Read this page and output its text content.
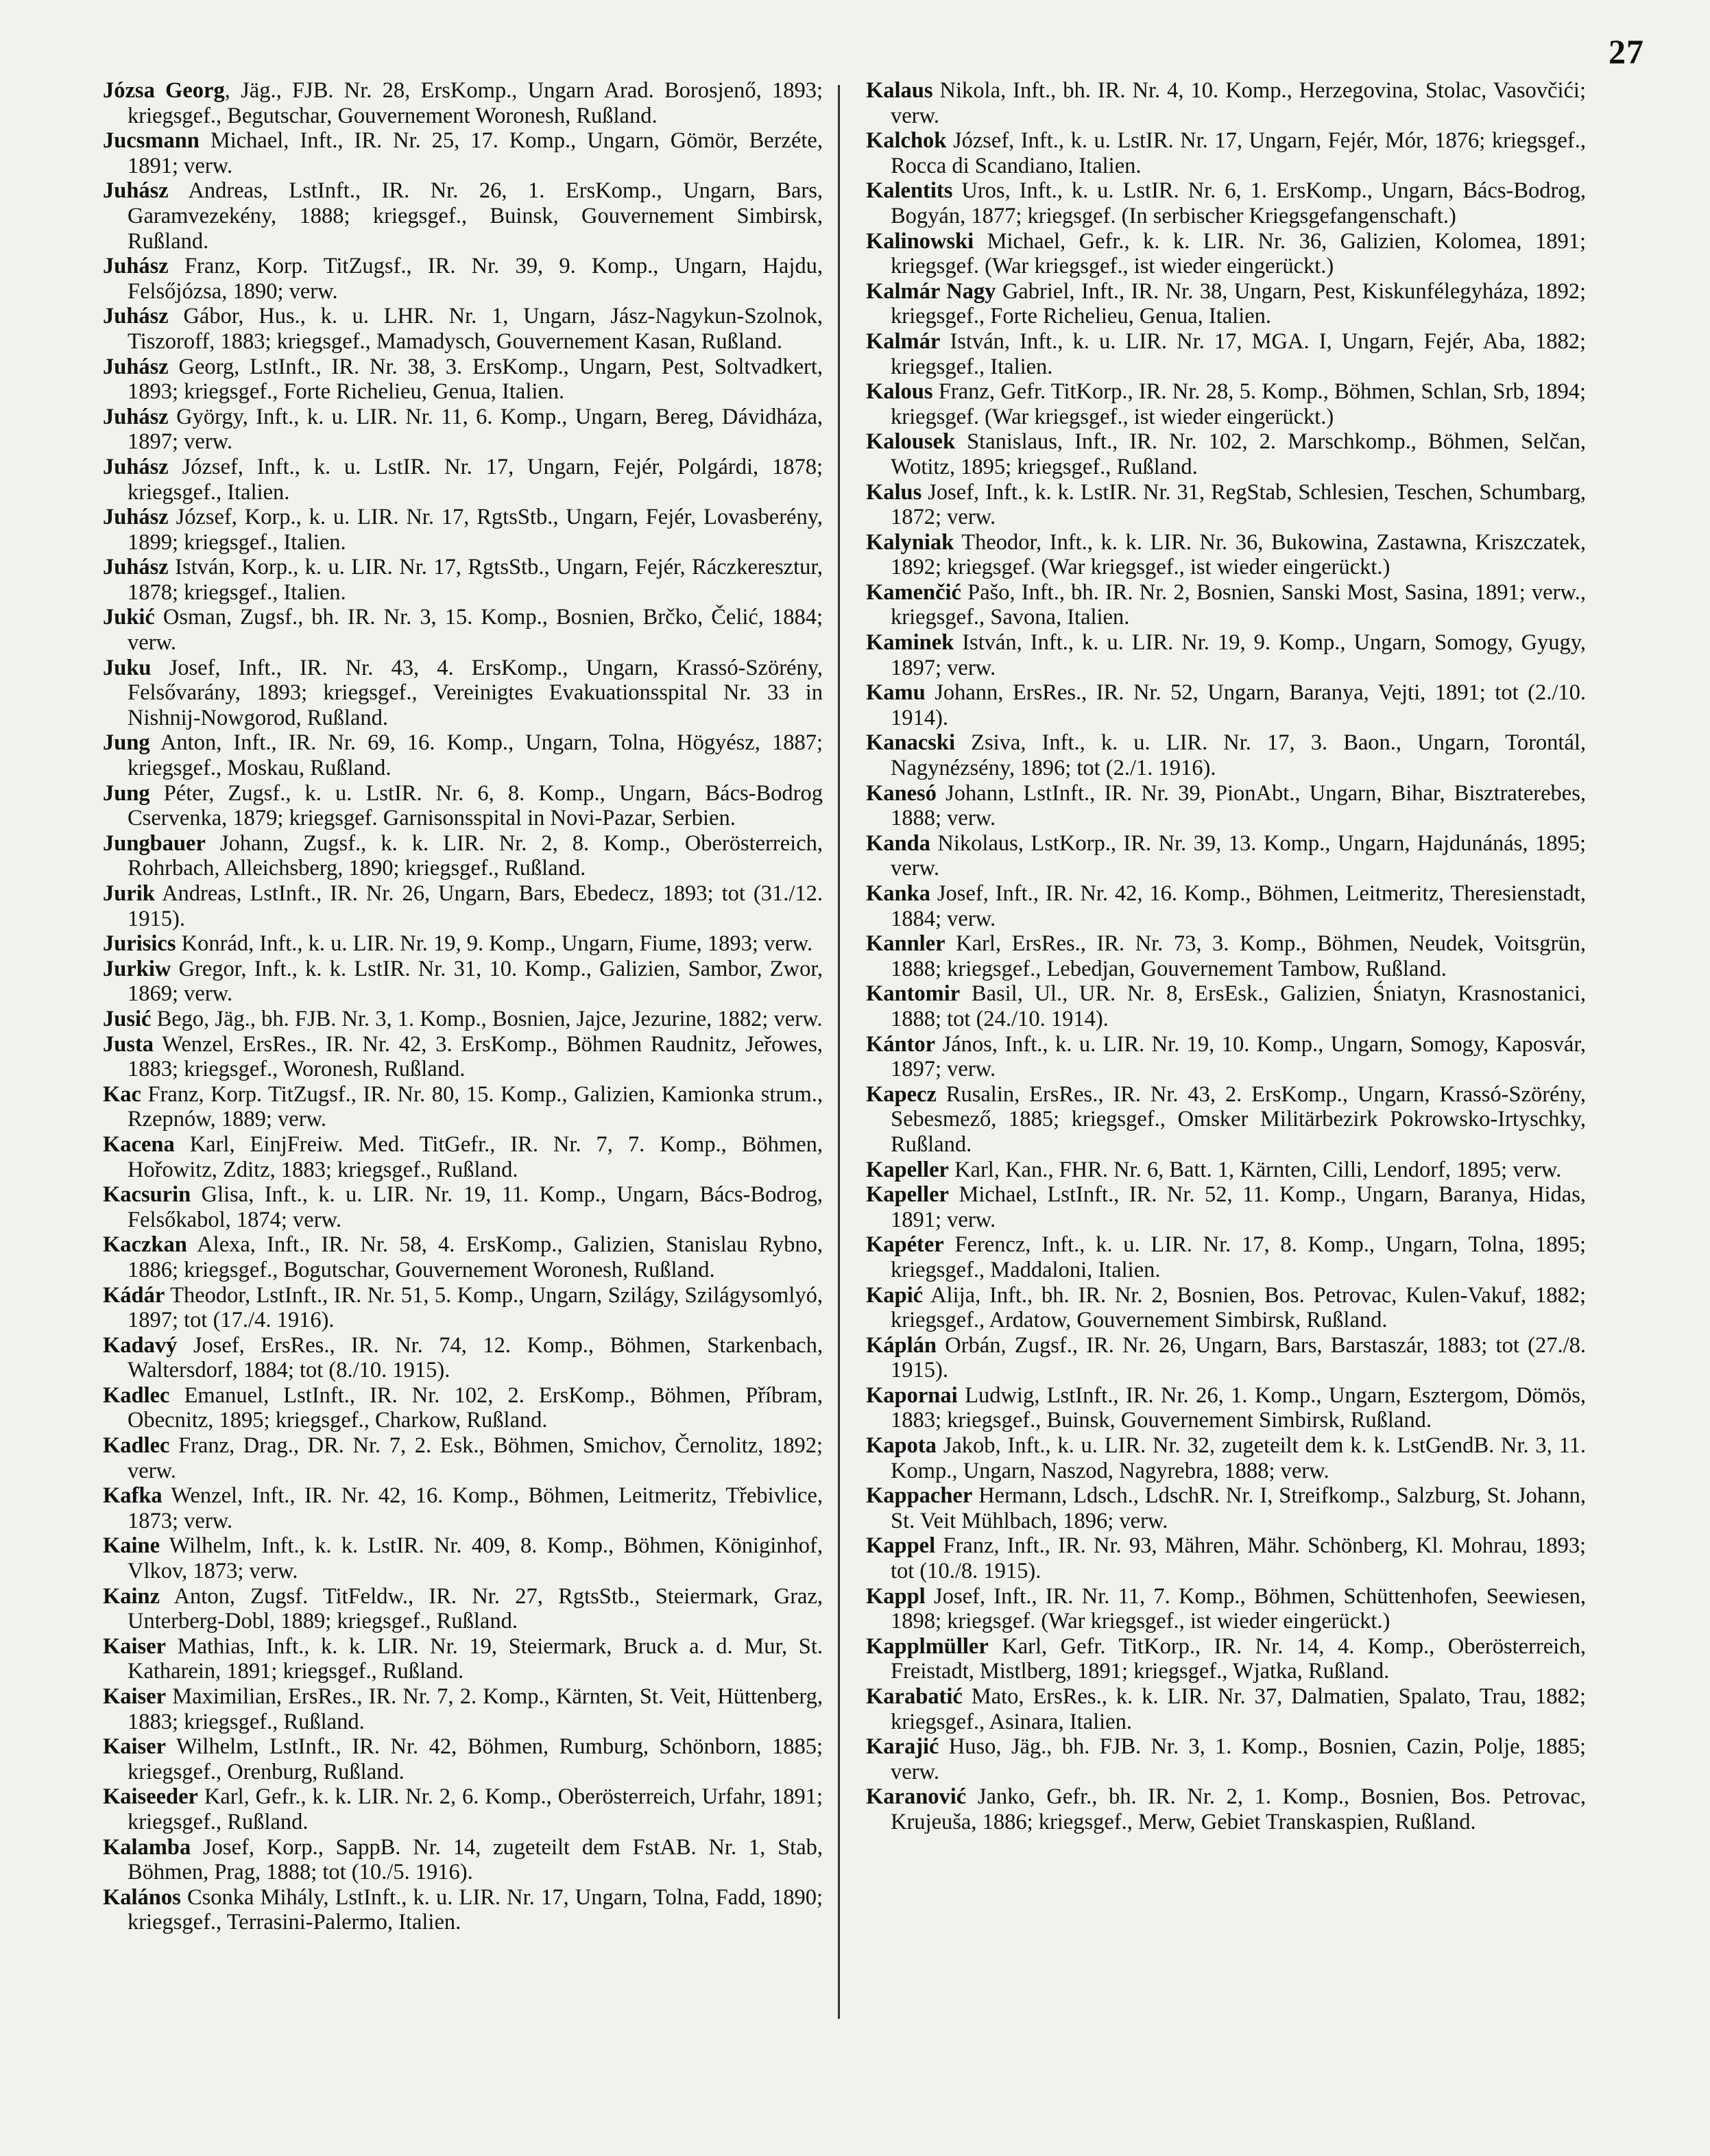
27
Józsa Georg, Jäg., FJB. Nr. 28, ErsKomp., Ungarn Arad. Borosjenő, 1893; kriegsgef., Begutschar, Gouvernement Woronesh, Rußland.
Jucsmann Michael, Inft., IR. Nr. 25, 17. Komp., Ungarn, Gömör, Berzéte, 1891; verw.
Juhász Andreas, LstInft., IR. Nr. 26, 1. ErsKomp., Ungarn, Bars, Garamvezekény, 1888; kriegsgef., Buinsk, Gouvernement Simbirsk, Rußland.
Juhász Franz, Korp. TitZugsf., IR. Nr. 39, 9. Komp., Ungarn, Hajdu, Felsőjózsa, 1890; verw.
Juhász Gábor, Hus., k. u. LHR. Nr. 1, Ungarn, Jász-Nagykun-Szolnok, Tiszoroff, 1883; kriegsgef., Mamadysch, Gouvernement Kasan, Rußland.
Juhász Georg, LstInft., IR. Nr. 38, 3. ErsKomp., Ungarn, Pest, Soltvadkert, 1893; kriegsgef., Forte Richelieu, Genua, Italien.
Juhász György, Inft., k. u. LIR. Nr. 11, 6. Komp., Ungarn, Bereg, Dávidháza, 1897; verw.
Juhász József, Inft., k. u. LstIR. Nr. 17, Ungarn, Fejér, Polgárdi, 1878; kriegsgef., Italien.
Juhász József, Korp., k. u. LIR. Nr. 17, RgtsStb., Ungarn, Fejér, Lovasberény, 1899; kriegsgef., Italien.
Juhász István, Korp., k. u. LIR. Nr. 17, RgtsStb., Ungarn, Fejér, Ráczkeresztur, 1878; kriegsgef., Italien.
Jukić Osman, Zugsf., bh. IR. Nr. 3, 15. Komp., Bosnien, Brčko, Čelić, 1884; verw.
Juku Josef, Inft., IR. Nr. 43, 4. ErsKomp., Ungarn, Krassó-Szörény, Felsővarány, 1893; kriegsgef., Vereinigtes Evakuationsspital Nr. 33 in Nishnij-Nowgorod, Rußland.
Jung Anton, Inft., IR. Nr. 69, 16. Komp., Ungarn, Tolna, Högyész, 1887; kriegsgef., Moskau, Rußland.
Jung Péter, Zugsf., k. u. LstIR. Nr. 6, 8. Komp., Ungarn, Bács-Bodrog Cservenka, 1879; kriegsgef. Garnisonsspital in Novi-Pazar, Serbien.
Jungbauer Johann, Zugsf., k. k. LIR. Nr. 2, 8. Komp., Oberösterreich, Rohrbach, Alleichsberg, 1890; kriegsgef., Rußland.
Jurik Andreas, LstInft., IR. Nr. 26, Ungarn, Bars, Ebedecz, 1893; tot (31./12. 1915).
Jurisics Konrád, Inft., k. u. LIR. Nr. 19, 9. Komp., Ungarn, Fiume, 1893; verw.
Jurkiw Gregor, Inft., k. k. LstIR. Nr. 31, 10. Komp., Galizien, Sambor, Zwor, 1869; verw.
Jusić Bego, Jäg., bh. FJB. Nr. 3, 1. Komp., Bosnien, Jajce, Jezurine, 1882; verw.
Justa Wenzel, ErsRes., IR. Nr. 42, 3. ErsKomp., Böhmen Raudnitz, Jeřowes, 1883; kriegsgef., Woronesh, Rußland.
Kac Franz, Korp. TitZugsf., IR. Nr. 80, 15. Komp., Galizien, Kamionka strum., Rzepnów, 1889; verw.
Kacena Karl, EinjFreiw. Med. TitGefr., IR. Nr. 7, 7. Komp., Böhmen, Hořowitz, Zditz, 1883; kriegsgef., Rußland.
Kacsurin Glisa, Inft., k. u. LIR. Nr. 19, 11. Komp., Ungarn, Bács-Bodrog, Felsőkabol, 1874; verw.
Kaczkan Alexa, Inft., IR. Nr. 58, 4. ErsKomp., Galizien, Stanislau Rybno, 1886; kriegsgef., Bogutschar, Gouvernement Woronesh, Rußland.
Kádár Theodor, LstInft., IR. Nr. 51, 5. Komp., Ungarn, Szilágy, Szilágysomlyó, 1897; tot (17./4. 1916).
Kadavý Josef, ErsRes., IR. Nr. 74, 12. Komp., Böhmen, Starkenbach, Waltersdorf, 1884; tot (8./10. 1915).
Kadlec Emanuel, LstInft., IR. Nr. 102, 2. ErsKomp., Böhmen, Příbram, Obecnitz, 1895; kriegsgef., Charkow, Rußland.
Kadlec Franz, Drag., DR. Nr. 7, 2. Esk., Böhmen, Smichov, Černolitz, 1892; verw.
Kafka Wenzel, Inft., IR. Nr. 42, 16. Komp., Böhmen, Leitmeritz, Třebivlice, 1873; verw.
Kaine Wilhelm, Inft., k. k. LstIR. Nr. 409, 8. Komp., Böhmen, Königinhof, Vlkov, 1873; verw.
Kainz Anton, Zugsf. TitFeldw., IR. Nr. 27, RgtsStb., Steiermark, Graz, Unterberg-Dobl, 1889; kriegsgef., Rußland.
Kaiser Mathias, Inft., k. k. LIR. Nr. 19, Steiermark, Bruck a. d. Mur, St. Katharein, 1891; kriegsgef., Rußland.
Kaiser Maximilian, ErsRes., IR. Nr. 7, 2. Komp., Kärnten, St. Veit, Hüttenberg, 1883; kriegsgef., Rußland.
Kaiser Wilhelm, LstInft., IR. Nr. 42, Böhmen, Rumburg, Schönborn, 1885; kriegsgef., Orenburg, Rußland.
Kaiseeder Karl, Gefr., k. k. LIR. Nr. 2, 6. Komp., Oberösterreich, Urfahr, 1891; kriegsgef., Rußland.
Kalamba Josef, Korp., SappB. Nr. 14, zugeteilt dem FstAB. Nr. 1, Stab, Böhmen, Prag, 1888; tot (10./5. 1916).
Kalános Csonka Mihály, LstInft., k. u. LIR. Nr. 17, Ungarn, Tolna, Fadd, 1890; kriegsgef., Terrasini-Palermo, Italien.
Kalaus Nikola, Inft., bh. IR. Nr. 4, 10. Komp., Herzegovina, Stolac, Vasovčići; verw.
Kalchok József, Inft., k. u. LstIR. Nr. 17, Ungarn, Fejér, Mór, 1876; kriegsgef., Rocca di Scandiano, Italien.
Kalentits Uros, Inft., k. u. LstIR. Nr. 6, 1. ErsKomp., Ungarn, Bács-Bodrog, Bogyán, 1877; kriegsgef. (In serbischer Kriegsgefangenschaft.)
Kalinowski Michael, Gefr., k. k. LIR. Nr. 36, Galizien, Kolomea, 1891; kriegsgef. (War kriegsgef., ist wieder eingerückt.)
Kalmár Nagy Gabriel, Inft., IR. Nr. 38, Ungarn, Pest, Kiskunfélegyháza, 1892; kriegsgef., Forte Richelieu, Genua, Italien.
Kalmár István, Inft., k. u. LIR. Nr. 17, MGA. I, Ungarn, Fejér, Aba, 1882; kriegsgef., Italien.
Kalous Franz, Gefr. TitKorp., IR. Nr. 28, 5. Komp., Böhmen, Schlan, Srb, 1894; kriegsgef. (War kriegsgef., ist wieder eingerückt.)
Kalousek Stanislaus, Inft., IR. Nr. 102, 2. Marschkomp., Böhmen, Selčan, Wotitz, 1895; kriegsgef., Rußland.
Kalus Josef, Inft., k. k. LstIR. Nr. 31, RegStab, Schlesien, Teschen, Schumbarg, 1872; verw.
Kalyniak Theodor, Inft., k. k. LIR. Nr. 36, Bukowina, Zastawna, Kriszczatek, 1892; kriegsgef. (War kriegsgef., ist wieder eingerückt.)
Kamenčić Pašo, Inft., bh. IR. Nr. 2, Bosnien, Sanski Most, Sasina, 1891; verw., kriegsgef., Savona, Italien.
Kaminek István, Inft., k. u. LIR. Nr. 19, 9. Komp., Ungarn, Somogy, Gyugy, 1897; verw.
Kamu Johann, ErsRes., IR. Nr. 52, Ungarn, Baranya, Vejti, 1891; tot (2./10. 1914).
Kanacski Zsiva, Inft., k. u. LIR. Nr. 17, 3. Baon., Ungarn, Torontál, Nagynézsény, 1896; tot (2./1. 1916).
Kanesó Johann, LstInft., IR. Nr. 39, PionAbt., Ungarn, Bihar, Bisztraterebes, 1888; verw.
Kanda Nikolaus, LstKorp., IR. Nr. 39, 13. Komp., Ungarn, Hajdunánás, 1895; verw.
Kanka Josef, Inft., IR. Nr. 42, 16. Komp., Böhmen, Leitmeritz, Theresienstadt, 1884; verw.
Kannler Karl, ErsRes., IR. Nr. 73, 3. Komp., Böhmen, Neudek, Voitsgrün, 1888; kriegsgef., Lebedjan, Gouvernement Tambow, Rußland.
Kantomir Basil, Ul., UR. Nr. 8, ErsEsk., Galizien, Śniatyn, Krasnostanici, 1888; tot (24./10. 1914).
Kántor János, Inft., k. u. LIR. Nr. 19, 10. Komp., Ungarn, Somogy, Kaposvár, 1897; verw.
Kapecz Rusalin, ErsRes., IR. Nr. 43, 2. ErsKomp., Ungarn, Krassó-Szörény, Sebesmező, 1885; kriegsgef., Omsker Militärbezirk Pokrowsko-Irtyschky, Rußland.
Kapeller Karl, Kan., FHR. Nr. 6, Batt. 1, Kärnten, Cilli, Lendorf, 1895; verw.
Kapeller Michael, LstInft., IR. Nr. 52, 11. Komp., Ungarn, Baranya, Hidas, 1891; verw.
Kapéter Ferencz, Inft., k. u. LIR. Nr. 17, 8. Komp., Ungarn, Tolna, 1895; kriegsgef., Maddaloni, Italien.
Kapić Alija, Inft., bh. IR. Nr. 2, Bosnien, Bos. Petrovac, Kulen-Vakuf, 1882; kriegsgef., Ardatow, Gouvernement Simbirsk, Rußland.
Káplán Orbán, Zugsf., IR. Nr. 26, Ungarn, Bars, Barstaszár, 1883; tot (27./8. 1915).
Kapornai Ludwig, LstInft., IR. Nr. 26, 1. Komp., Ungarn, Esztergom, Dömös, 1883; kriegsgef., Buinsk, Gouvernement Simbirsk, Rußland.
Kapota Jakob, Inft., k. u. LIR. Nr. 32, zugeteilt dem k. k. LstGendB. Nr. 3, 11. Komp., Ungarn, Naszod, Nagyrebra, 1888; verw.
Kappacher Hermann, Ldsch., LdschR. Nr. I, Streifkomp., Salzburg, St. Johann, St. Veit Mühlbach, 1896; verw.
Kappel Franz, Inft., IR. Nr. 93, Mähren, Mähr. Schönberg, Kl. Mohrau, 1893; tot (10./8. 1915).
Kappl Josef, Inft., IR. Nr. 11, 7. Komp., Böhmen, Schüttenhofen, Seewiesen, 1898; kriegsgef. (War kriegsgef., ist wieder eingerückt.)
Kapplmüller Karl, Gefr. TitKorp., IR. Nr. 14, 4. Komp., Oberösterreich, Freistadt, Mistlberg, 1891; kriegsgef., Wjatka, Rußland.
Karabatić Mato, ErsRes., k. k. LIR. Nr. 37, Dalmatien, Spalato, Trau, 1882; kriegsgef., Asinara, Italien.
Karajić Huso, Jäg., bh. FJB. Nr. 3, 1. Komp., Bosnien, Cazin, Polje, 1885; verw.
Karanović Janko, Gefr., bh. IR. Nr. 2, 1. Komp., Bosnien, Bos. Petrovac, Krujeuša, 1886; kriegsgef., Merw, Gebiet Transkaspien, Rußland.
